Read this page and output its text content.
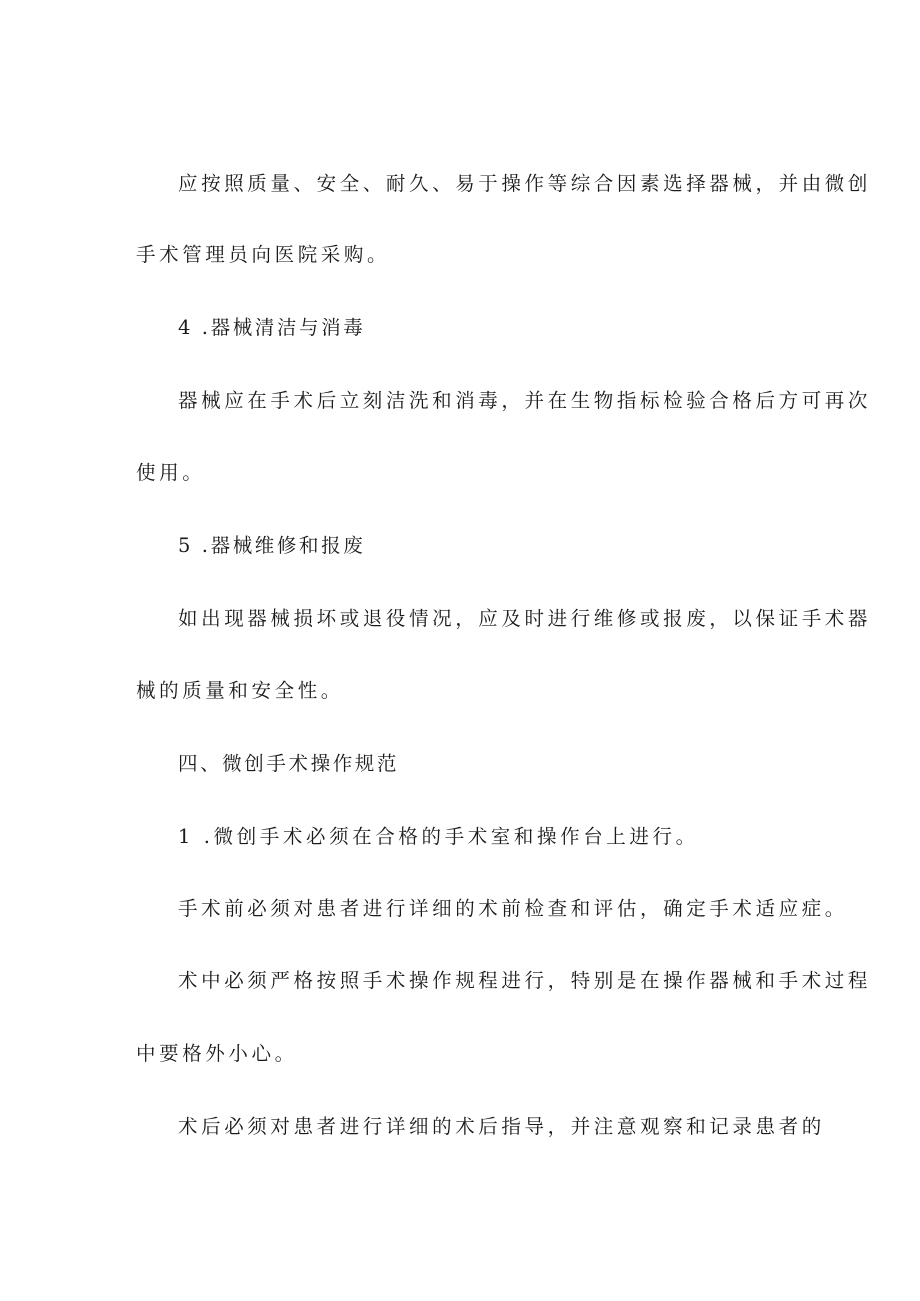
应按照质量、安全、耐久、易于操作等综合因素选择器械，并由微创
手术管理员向医院采购。
4 .器械清洁与消毒
器械应在手术后立刻洁洗和消毒，并在生物指标检验合格后方可再次
使用。
5 .器械维修和报废
如出现器械损坏或退役情况，应及时进行维修或报废，以保证手术器
械的质量和安全性。
四、微创手术操作规范
1 .微创手术必须在合格的手术室和操作台上进行。
手术前必须对患者进行详细的术前检查和评估，确定手术适应症。
术中必须严格按照手术操作规程进行，特别是在操作器械和手术过程
中要格外小心。
术后必须对患者进行详细的术后指导，并注意观察和记录患者的
